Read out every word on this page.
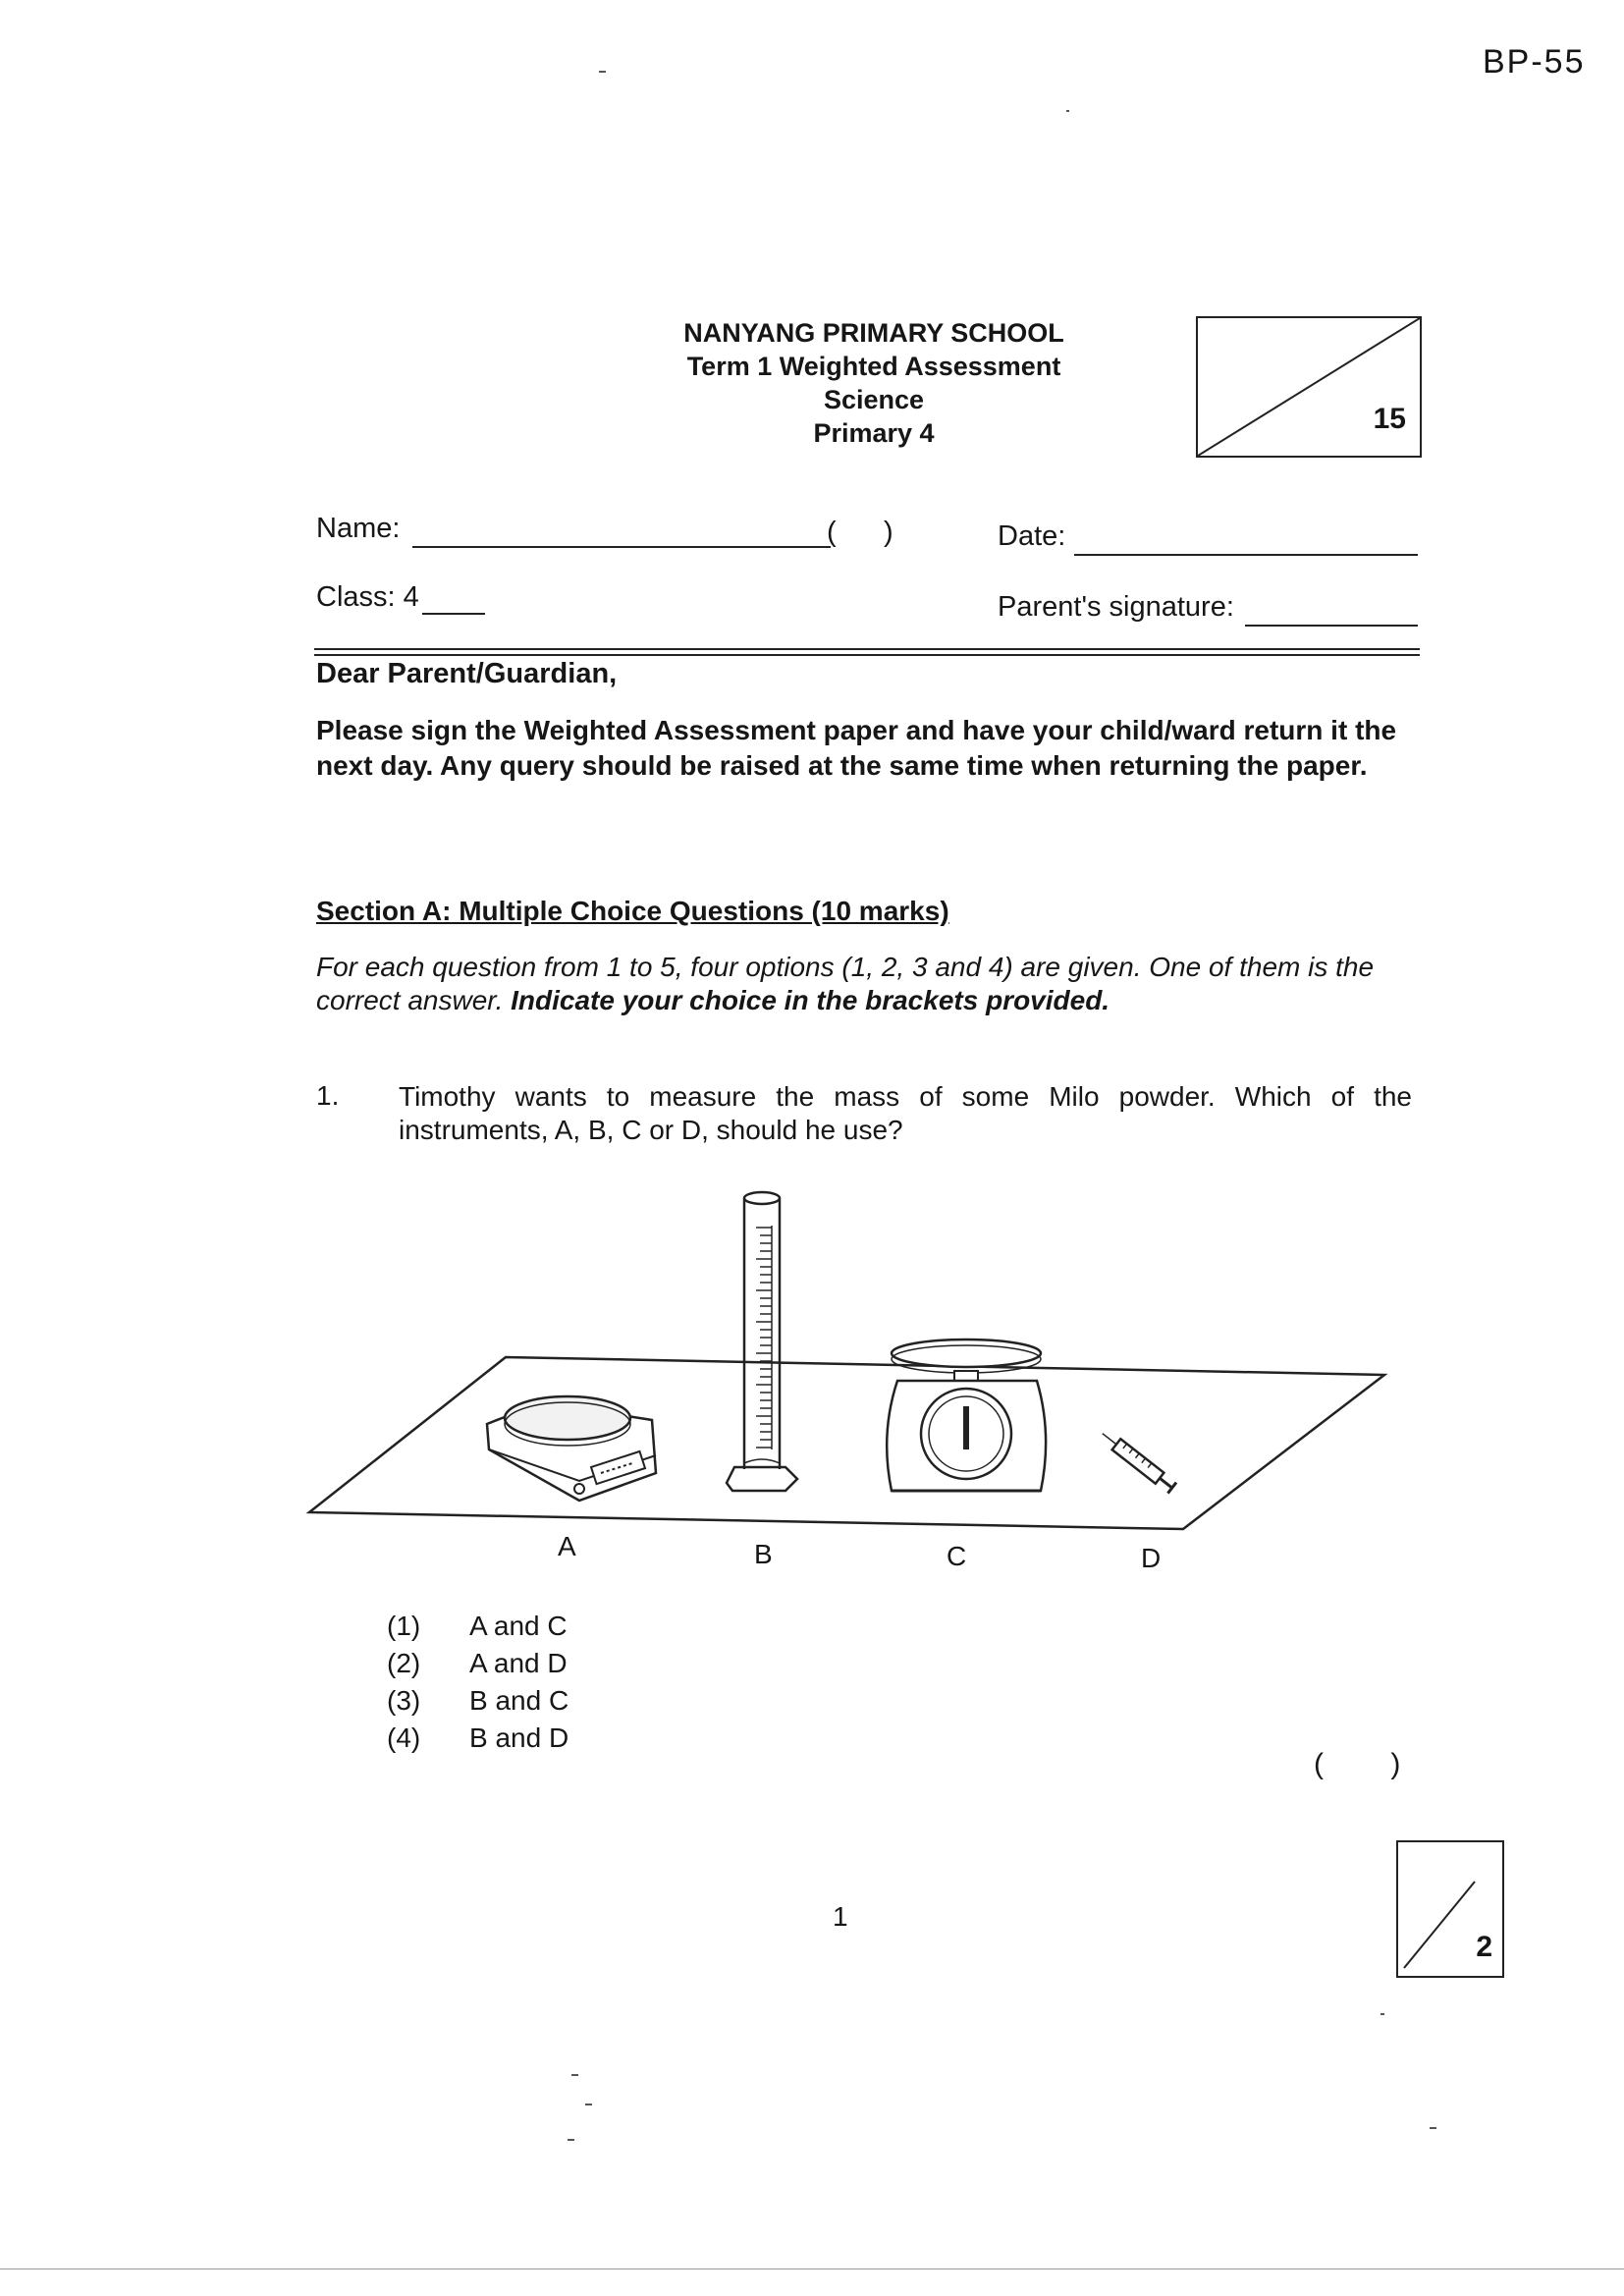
BP-55
NANYANG PRIMARY SCHOOL
Term 1 Weighted Assessment
Science
Primary 4	15
Name:	(      )	Date:
Class: 4	Parent's signature:
Dear Parent/Guardian,
Please sign the Weighted Assessment paper and have your child/ward return it the next day. Any query should be raised at the same time when returning the paper.
Section A: Multiple Choice Questions (10 marks)
For each question from 1 to 5, four options (1, 2, 3 and 4) are given. One of them is the correct answer. Indicate your choice in the brackets provided.
1. Timothy wants to measure the mass of some Milo powder. Which of the instruments, A, B, C or D, should he use?
A	B	C	D
(1) A and C
(2) A and D
(3) B and C
(4) B and D
( )
1
2
